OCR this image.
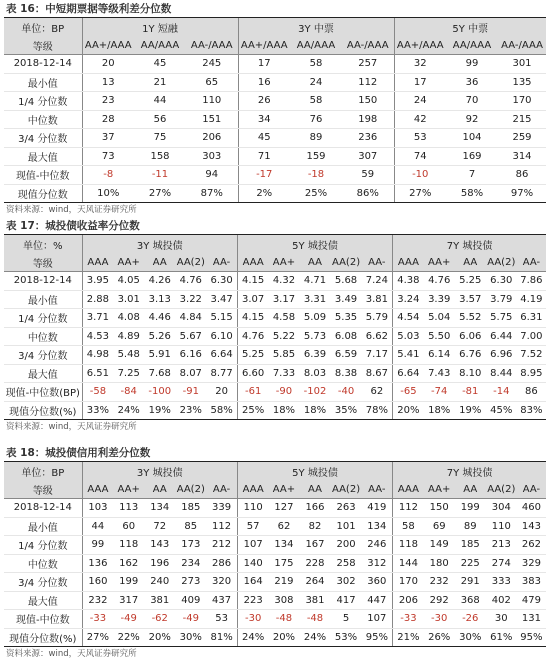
表 16：中短期票据等级利差分位数
单位：BP	1Y 短融			3Y 中票			5Y 中票		
等级	AA+/AAA	AA/AAA	AA-/AAA	AA+/AAA	AA/AAA	AA-/AAA	AA+/AAA	AA/AAA	AA-/AAA
2018-12-14	20	45	245	17	58	257	32	99	301
最小值	13	21	65	16	24	112	17	36	135
1/4 分位数	23	44	110	26	58	150	24	70	170
中位数	28	56	151	34	76	198	42	92	215
3/4 分位数	37	75	206	45	89	236	53	104	259
最大值	73	158	303	71	159	307	74	169	314
现值-中位数	-8	-11	94	-17	-18	59	-10	7	86
现值分位数	10%	27%	87%	2%	25%	86%	27%	58%	97%
资料来源：wind，天风证券研究所
表 17：城投债收益率分位数
单位：%	3Y 城投债					5Y 城投债					7Y 城投债				
等级	AAA	AA+	AA	AA(2)	AA-	AAA	AA+	AA	AA(2)	AA-	AAA	AA+	AA	AA(2)	AA-
2018-12-14	3.95	4.05	4.26	4.76	6.30	4.15	4.32	4.71	5.68	7.24	4.38	4.76	5.25	6.30	7.86
最小值	2.88	3.01	3.13	3.22	3.47	3.07	3.17	3.31	3.49	3.81	3.24	3.39	3.57	3.79	4.19
1/4 分位数	3.71	4.08	4.46	4.84	5.15	4.15	4.58	5.09	5.35	5.79	4.54	5.04	5.52	5.75	6.31
中位数	4.53	4.89	5.26	5.67	6.10	4.76	5.22	5.73	6.08	6.62	5.03	5.50	6.06	6.44	7.00
3/4 分位数	4.98	5.48	5.91	6.16	6.64	5.25	5.85	6.39	6.59	7.17	5.41	6.14	6.76	6.96	7.52
最大值	6.51	7.25	7.68	8.07	8.77	6.60	7.33	8.03	8.38	8.67	6.64	7.43	8.10	8.44	8.95
现值-中位数(BP)	-58	-84	-100	-91	20	-61	-90	-102	-40	62	-65	-74	-81	-14	86
现值分位数(%)	33%	24%	19%	23%	58%	25%	18%	18%	35%	78%	20%	18%	19%	45%	83%
资料来源：wind，天风证券研究所
表 18：城投债信用利差分位数
单位：BP	3Y 城投债					5Y 城投债					7Y 城投债				
等级	AAA	AA+	AA	AA(2)	AA-	AAA	AA+	AA	AA(2)	AA-	AAA	AA+	AA	AA(2)	AA-
2018-12-14	103	113	134	185	339	110	127	166	263	419	112	150	199	304	460
最小值	44	60	72	85	112	57	62	82	101	134	58	69	89	110	143
1/4 分位数	99	118	143	173	212	107	134	167	200	246	118	149	185	213	262
中位数	136	162	196	234	286	140	175	228	258	312	144	180	225	274	329
3/4 分位数	160	199	240	273	320	164	219	264	302	360	170	232	291	333	383
最大值	232	317	381	409	437	223	308	381	417	447	206	292	368	402	479
现值-中位数	-33	-49	-62	-49	53	-30	-48	-48	5	107	-33	-30	-26	30	131
现值分位数(%)	27%	22%	20%	30%	81%	24%	20%	24%	53%	95%	21%	26%	30%	61%	95%
资料来源：wind，天风证券研究所
